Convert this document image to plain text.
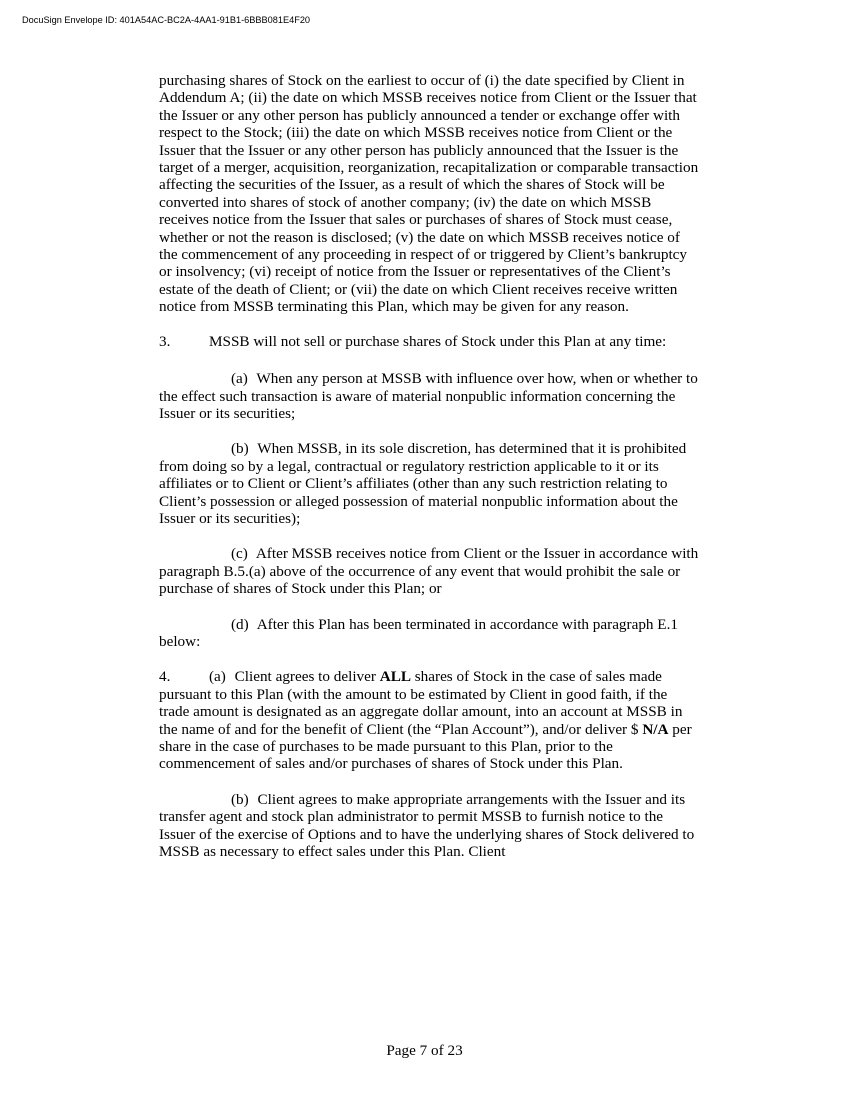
DocuSign Envelope ID: 401A54AC-BC2A-4AA1-91B1-6BBB081E4F20

purchasing shares of Stock on the earliest to occur of (i) the date specified by Client in Addendum A; (ii) the date on which MSSB receives notice from Client or the Issuer that the Issuer or any other person has publicly announced a tender or exchange offer with respect to the Stock; (iii) the date on which MSSB receives notice from Client or the Issuer that the Issuer or any other person has publicly announced that the Issuer is the target of a merger, acquisition, reorganization, recapitalization or comparable transaction affecting the securities of the Issuer, as a result of which the shares of Stock will be converted into shares of stock of another company; (iv) the date on which MSSB receives notice from the Issuer that sales or purchases of shares of Stock must cease, whether or not the reason is disclosed; (v) the date on which MSSB receives notice of the commencement of any proceeding in respect of or triggered by Client’s bankruptcy or insolvency; (vi) receipt of notice from the Issuer or representatives of the Client’s estate of the death of Client; or (vii) the date on which Client receives receive written notice from MSSB terminating this Plan, which may be given for any reason.

3.	MSSB will not sell or purchase shares of Stock under this Plan at any time:

(a) When any person at MSSB with influence over how, when or whether to the effect such transaction is aware of material nonpublic information concerning the Issuer or its securities;

(b) When MSSB, in its sole discretion, has determined that it is prohibited from doing so by a legal, contractual or regulatory restriction applicable to it or its affiliates or to Client or Client’s affiliates (other than any such restriction relating to Client’s possession or alleged possession of material nonpublic information about the Issuer or its securities);

(c) After MSSB receives notice from Client or the Issuer in accordance with paragraph B.5.(a) above of the occurrence of any event that would prohibit the sale or purchase of shares of Stock under this Plan; or

(d) After this Plan has been terminated in accordance with paragraph E.1 below:

4.	(a) Client agrees to deliver ALL shares of Stock in the case of sales made pursuant to this Plan (with the amount to be estimated by Client in good faith, if the trade amount is designated as an aggregate dollar amount, into an account at MSSB in the name of and for the benefit of Client (the “Plan Account”), and/or deliver $ N/A per share in the case of purchases to be made pursuant to this Plan, prior to the commencement of sales and/or purchases of shares of Stock under this Plan.

(b) Client agrees to make appropriate arrangements with the Issuer and its transfer agent and stock plan administrator to permit MSSB to furnish notice to the Issuer of the exercise of Options and to have the underlying shares of Stock delivered to MSSB as necessary to effect sales under this Plan. Client

Page 7 of 23
